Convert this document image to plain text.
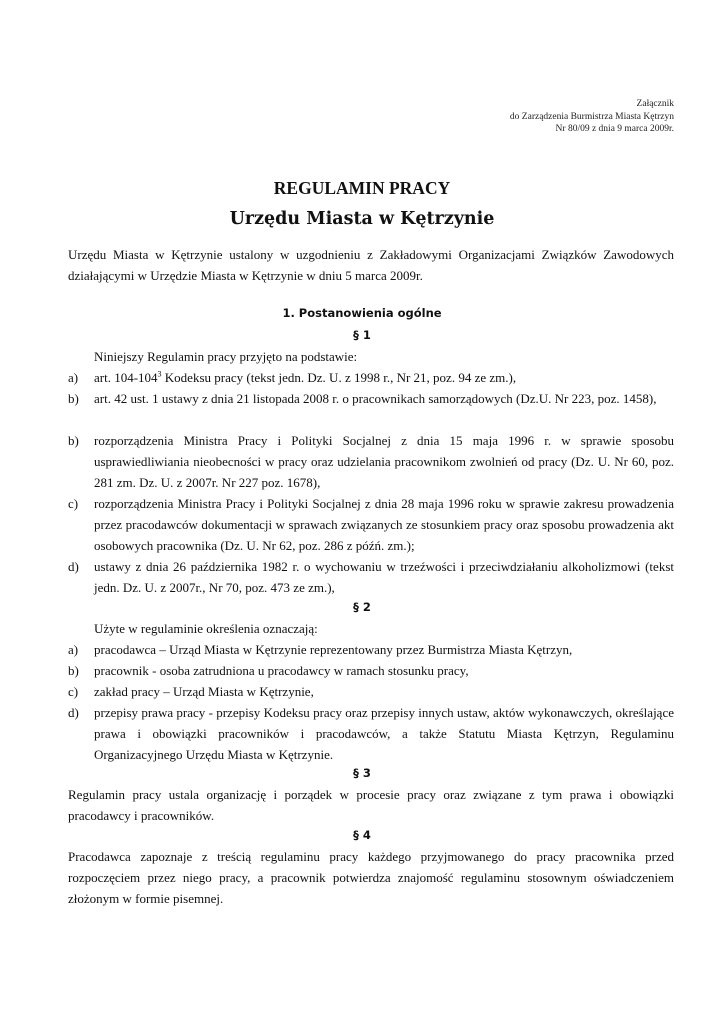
Załącznik
do Zarządzenia Burmistrza Miasta Kętrzyn
Nr 80/09 z dnia 9 marca 2009r.
REGULAMIN PRACY
Urzędu Miasta w Kętrzynie
Urzędu Miasta w Kętrzynie ustalony w uzgodnieniu z Zakładowymi Organizacjami Związków Zawodowych działającymi w Urzędzie Miasta w Kętrzynie w dniu 5 marca 2009r.
1. Postanowienia ogólne
§ 1
Niniejszy Regulamin pracy przyjęto na podstawie:
a)	art. $104-104^3$ Kodeksu pracy (tekst jedn. Dz. U. z 1998 r., Nr 21, poz. 94 ze zm.),
b)	art. 42 ust. 1 ustawy z dnia 21 listopada 2008 r. o pracownikach samorządowych (Dz.U. Nr 223, poz. 1458),
b)	rozporządzenia Ministra Pracy i Polityki Socjalnej z dnia 15 maja 1996 r. w sprawie sposobu usprawiedliwiania nieobecności w pracy oraz udzielania pracownikom zwolnień od pracy (Dz. U. Nr 60, poz. 281 zm. Dz. U. z 2007r. Nr 227 poz. 1678),
c)	rozporządzenia Ministra Pracy i Polityki Socjalnej z dnia 28 maja 1996 roku w sprawie zakresu prowadzenia przez pracodawców dokumentacji w sprawach związanych ze stosunkiem pracy oraz sposobu prowadzenia akt osobowych pracownika (Dz. U. Nr 62, poz. 286 z późń. zm.);
d)	ustawy z dnia 26 października 1982 r. o wychowaniu w trzeźwości i przeciwdziałaniu alkoholizmowi (tekst jedn. Dz. U. z 2007r., Nr 70, poz. 473 ze zm.),
§ 2
Użyte w regulaminie określenia oznaczają:
a)	pracodawca – Urząd Miasta w Kętrzynie reprezentowany przez Burmistrza Miasta Kętrzyn,
b)	pracownik - osoba zatrudniona u pracodawcy w ramach stosunku pracy,
c)	zakład pracy – Urząd Miasta w Kętrzynie,
d)	przepisy prawa pracy - przepisy Kodeksu pracy oraz przepisy innych ustaw, aktów wykonawczych, określające prawa i obowiązki pracowników i pracodawców, a także Statutu Miasta Kętrzyn, Regulaminu Organizacyjnego Urzędu Miasta w Kętrzynie.
§ 3
Regulamin pracy ustala organizację i porządek w procesie pracy oraz związane z tym prawa i obowiązki pracodawcy i pracowników.
§ 4
Pracodawca zapoznaje z treścią regulaminu pracy każdego przyjmowanego do pracy pracownika przed rozpoczęciem przez niego pracy, a pracownik potwierdza znajomość regulaminu stosownym oświadczeniem złożonym w formie pisemnej.
